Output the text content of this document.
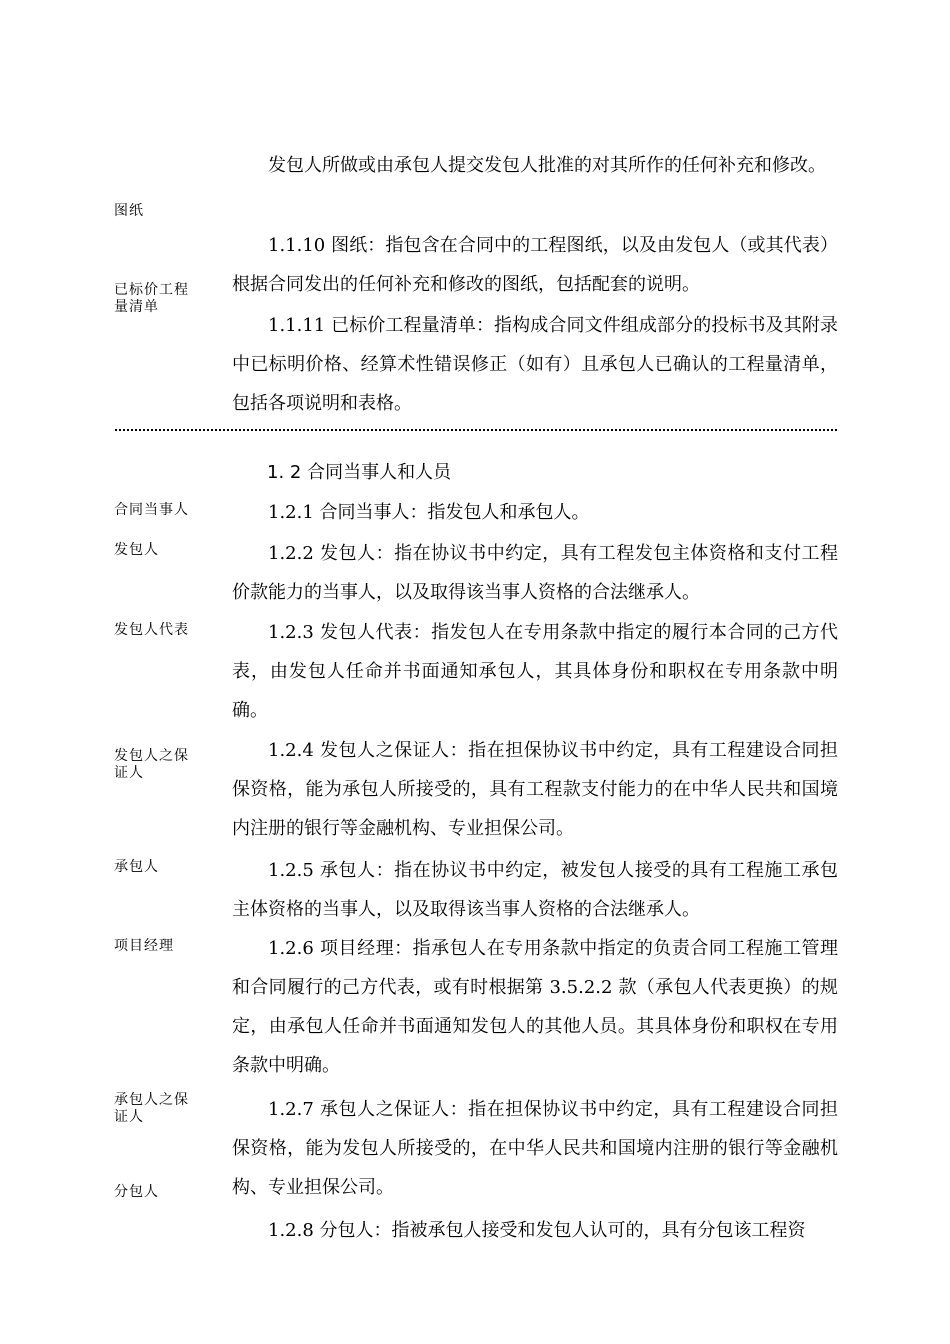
图纸
已标价工程量清单
合同当事人
发包人
发包人代表
发包人之保证人
承包人
项目经理
承包人之保证人
分包人
发包人所做或由承包人提交发包人批准的对其所作的任何补充和修改。
1.1.10 图纸：指包含在合同中的工程图纸，以及由发包人（或其代表）根据合同发出的任何补充和修改的图纸，包括配套的说明。
1.1.11 已标价工程量清单：指构成合同文件组成部分的投标书及其附录中已标明价格、经算术性错误修正（如有）且承包人已确认的工程量清单，包括各项说明和表格。
1. 2 合同当事人和人员
1.2.1 合同当事人：指发包人和承包人。
1.2.2 发包人：指在协议书中约定，具有工程发包主体资格和支付工程价款能力的当事人，以及取得该当事人资格的合法继承人。
1.2.3 发包人代表：指发包人在专用条款中指定的履行本合同的己方代表，由发包人任命并书面通知承包人，其具体身份和职权在专用条款中明确。
1.2.4 发包人之保证人：指在担保协议书中约定，具有工程建设合同担保资格，能为承包人所接受的，具有工程款支付能力的在中华人民共和国境内注册的银行等金融机构、专业担保公司。
1.2.5 承包人：指在协议书中约定，被发包人接受的具有工程施工承包主体资格的当事人，以及取得该当事人资格的合法继承人。
1.2.6 项目经理：指承包人在专用条款中指定的负责合同工程施工管理和合同履行的己方代表，或有时根据第 3.5.2.2 款（承包人代表更换）的规定，由承包人任命并书面通知发包人的其他人员。其具体身份和职权在专用条款中明确。
1.2.7 承包人之保证人：指在担保协议书中约定，具有工程建设合同担保资格，能为发包人所接受的，在中华人民共和国境内注册的银行等金融机构、专业担保公司。
1.2.8 分包人：指被承包人接受和发包人认可的，具有分包该工程资
